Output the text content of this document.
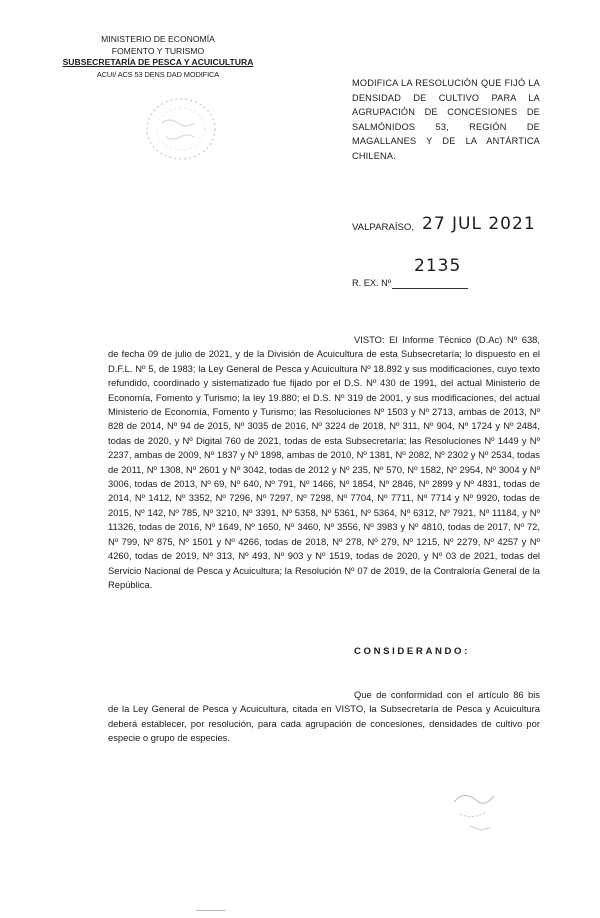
MINISTERIO DE ECONOMÍA
FOMENTO Y TURISMO
SUBSECRETARÍA DE PESCA Y ACUICULTURA
ACUI/ ACS 53 DENS DAD MODIFICA
MODIFICA LA RESOLUCIÓN QUE FIJÓ LA DENSIDAD DE CULTIVO PARA LA AGRUPACIÓN DE CONCESIONES DE SALMÓNIDOS 53, REGIÓN DE MAGALLANES Y DE LA ANTÁRTICA CHILENA.
VALPARAÍSO, 27 JUL 2021
2135
R. EX. Nº
VISTO: El Informe Técnico (D.Ac) Nº 638, de fecha 09 de julio de 2021, y de la División de Acuicultura de esta Subsecretaría; lo dispuesto en el D.F.L. Nº 5, de 1983; la Ley General de Pesca y Acuicultura Nº 18.892 y sus modificaciones, cuyo texto refundido, coordinado y sistematizado fue fijado por el D.S. Nº 430 de 1991, del actual Ministerio de Economía, Fomento y Turismo; la ley 19.880; el D.S. Nº 319 de 2001, y sus modificaciones, del actual Ministerio de Economía, Fomento y Turismo; las Resoluciones Nº 1503 y Nº 2713, ambas de 2013, Nº 828 de 2014, Nº 94 de 2015, Nº 3035 de 2016, Nº 3224 de 2018, Nº 311, Nº 904, Nº 1724 y Nº 2484, todas de 2020, y Nº Digital 760 de 2021, todas de esta Subsecretaría; las Resoluciones Nº 1449 y Nº 2237, ambas de 2009, Nº 1837 y Nº 1898, ambas de 2010, Nº 1381, Nº 2082, Nº 2302 y Nº 2534, todas de 2011, Nº 1308, Nº 2601 y Nº 3042, todas de 2012 y Nº 235, Nº 570, Nº 1582, Nº 2954, Nº 3004 y Nº 3006, todas de 2013, Nº 69, Nº 640, Nº 791, Nº 1466, Nº 1854, Nº 2846, Nº 2899 y Nº 4831, todas de 2014, Nº 1412, Nº 3352, Nº 7296, Nº 7297, Nº 7298, Nº 7704, Nº 7711, Nº 7714 y Nº 9920, todas de 2015, Nº 142, Nº 785, Nº 3210, Nº 3391, Nº 5358, Nº 5361, Nº 5364, Nº 6312, Nº 7921, Nº 11184, y Nº 11326, todas de 2016, Nº 1649, Nº 1650, Nº 3460, Nº 3556, Nº 3983 y Nº 4810, todas de 2017, Nº 72, Nº 799, Nº 875, Nº 1501 y Nº 4266, todas de 2018, Nº 278, Nº 279, Nº 1215, Nº 2279, Nº 4257 y Nº 4260, todas de 2019, Nº 313, Nº 493, Nº 903 y Nº 1519, todas de 2020, y Nº 03 de 2021, todas del Servicio Nacional de Pesca y Acuicultura; la Resolución Nº 07 de 2019, de la Contraloría General de la República.
CONSIDERANDO:
Que de conformidad con el artículo 86 bis de la Ley General de Pesca y Acuicultura, citada en VISTO, la Subsecretaría de Pesca y Acuicultura deberá establecer, por resolución, para cada agrupación de concesiones, densidades de cultivo por especie o grupo de especies.
